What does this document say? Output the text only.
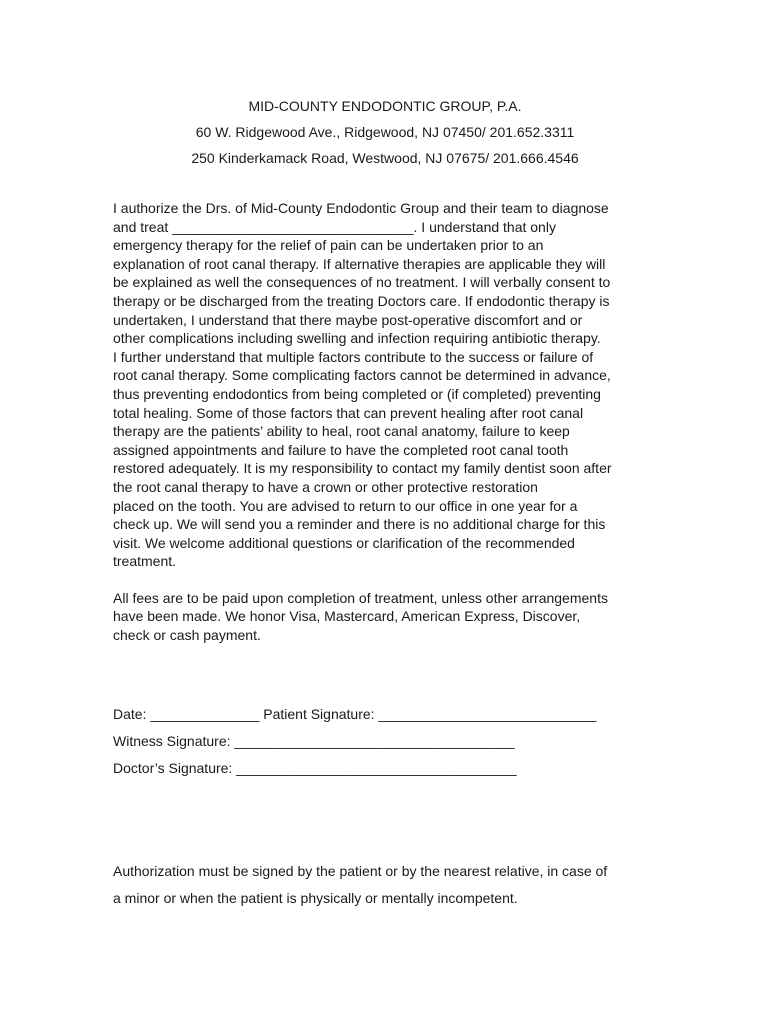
MID-COUNTY ENDODONTIC GROUP, P.A.
60 W. Ridgewood Ave., Ridgewood, NJ 07450/ 201.652.3311
250 Kinderkamack Road, Westwood, NJ 07675/ 201.666.4546

I authorize the Drs. of Mid-County Endodontic Group and their team to diagnose
and treat _______________________________. I understand that only
emergency therapy for the relief of pain can be undertaken prior to an
explanation of root canal therapy. If alternative therapies are applicable they will
be explained as well the consequences of no treatment. I will verbally consent to
therapy or be discharged from the treating Doctors care. If endodontic therapy is
undertaken, I understand that there maybe post-operative discomfort and or
other complications including swelling and infection requiring antibiotic therapy.
I further understand that multiple factors contribute to the success or failure of
root canal therapy. Some complicating factors cannot be determined in advance,
thus preventing endodontics from being completed or (if completed) preventing
total healing. Some of those factors that can prevent healing after root canal
therapy are the patients’ ability to heal, root canal anatomy, failure to keep
assigned appointments and failure to have the completed root canal tooth
restored adequately. It is my responsibility to contact my family dentist soon after
the root canal therapy to have a crown or other protective restoration
placed on the tooth. You are advised to return to our office in one year for a
check up. We will send you a reminder and there is no additional charge for this
visit. We welcome additional questions or clarification of the recommended
treatment.

All fees are to be paid upon completion of treatment, unless other arrangements
have been made. We honor Visa, Mastercard, American Express, Discover,
check or cash payment.

Date: ______________ Patient Signature: ____________________________
Witness Signature: ____________________________________
Doctor’s Signature: ____________________________________
Authorization must be signed by the patient or by the nearest relative, in case of
a minor or when the patient is physically or mentally incompetent.
